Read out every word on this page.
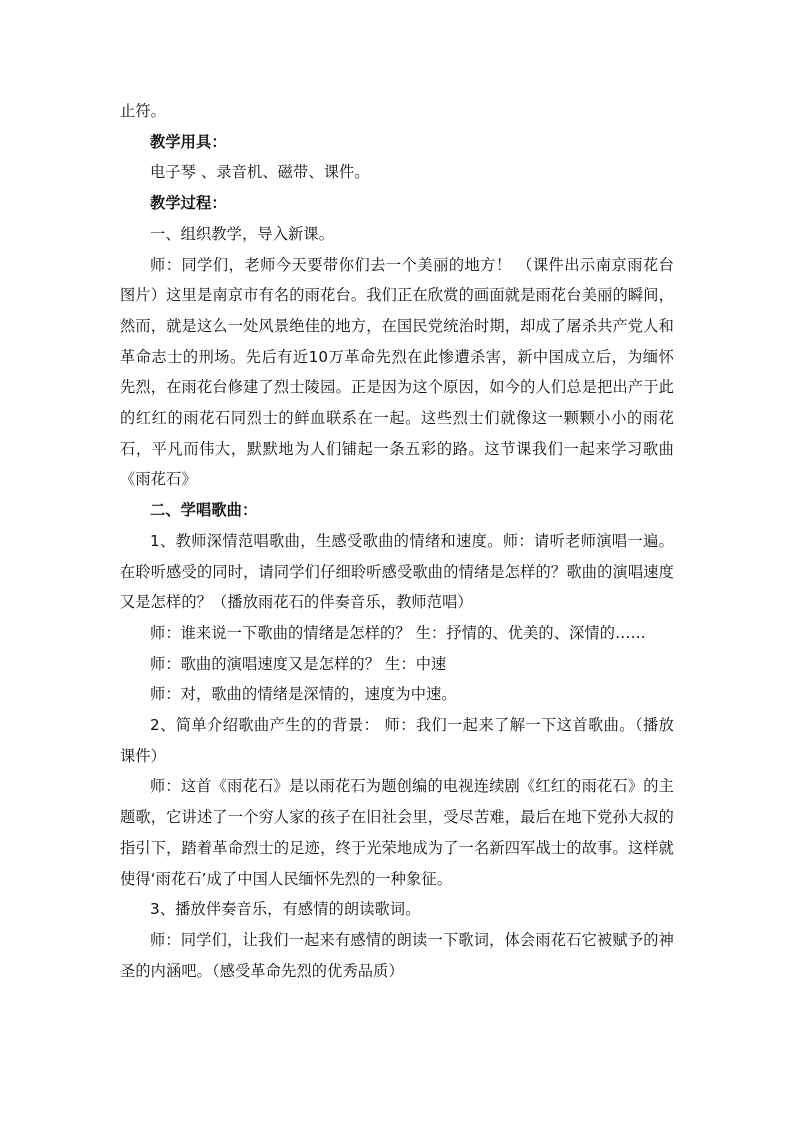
止符。

教学用具：

电子琴 、录音机、磁带、课件。

教学过程：

一、组织教学，导入新课。

师：同学们，老师今天要带你们去一个美丽的地方！ （课件出示南京雨花台图片）这里是南京市有名的雨花台。我们正在欣赏的画面就是雨花台美丽的瞬间，然而，就是这么一处风景绝佳的地方，在国民党统治时期，却成了屠杀共产党人和革命志士的刑场。先后有近10万革命先烈在此惨遭杀害，新中国成立后，为缅怀先烈，在雨花台修建了烈士陵园。正是因为这个原因，如今的人们总是把出产于此的红红的雨花石同烈士的鲜血联系在一起。这些烈士们就像这一颗颗小小的雨花石，平凡而伟大，默默地为人们铺起一条五彩的路。这节课我们一起来学习歌曲《雨花石》

二、学唱歌曲：

1、教师深情范唱歌曲，生感受歌曲的情绪和速度。师：请听老师演唱一遍。在聆听感受的同时，请同学们仔细聆听感受歌曲的情绪是怎样的？歌曲的演唱速度又是怎样的？（播放雨花石的伴奏音乐，教师范唱）

师：谁来说一下歌曲的情绪是怎样的？ 生：抒情的、优美的、深情的……

师：歌曲的演唱速度又是怎样的？ 生：中速

师：对，歌曲的情绪是深情的，速度为中速。

2、简单介绍歌曲产生的的背景： 师：我们一起来了解一下这首歌曲。（播放课件）

师：这首《雨花石》是以雨花石为题创编的电视连续剧《红红的雨花石》的主题歌，它讲述了一个穷人家的孩子在旧社会里，受尽苦难，最后在地下党孙大叔的指引下，踏着革命烈士的足迹，终于光荣地成为了一名新四军战士的故事。这样就使得‘雨花石’成了中国人民缅怀先烈的一种象征。

3、播放伴奏音乐，有感情的朗读歌词。

师：同学们，让我们一起来有感情的朗读一下歌词，体会雨花石它被赋予的神圣的内涵吧。（感受革命先烈的优秀品质）
